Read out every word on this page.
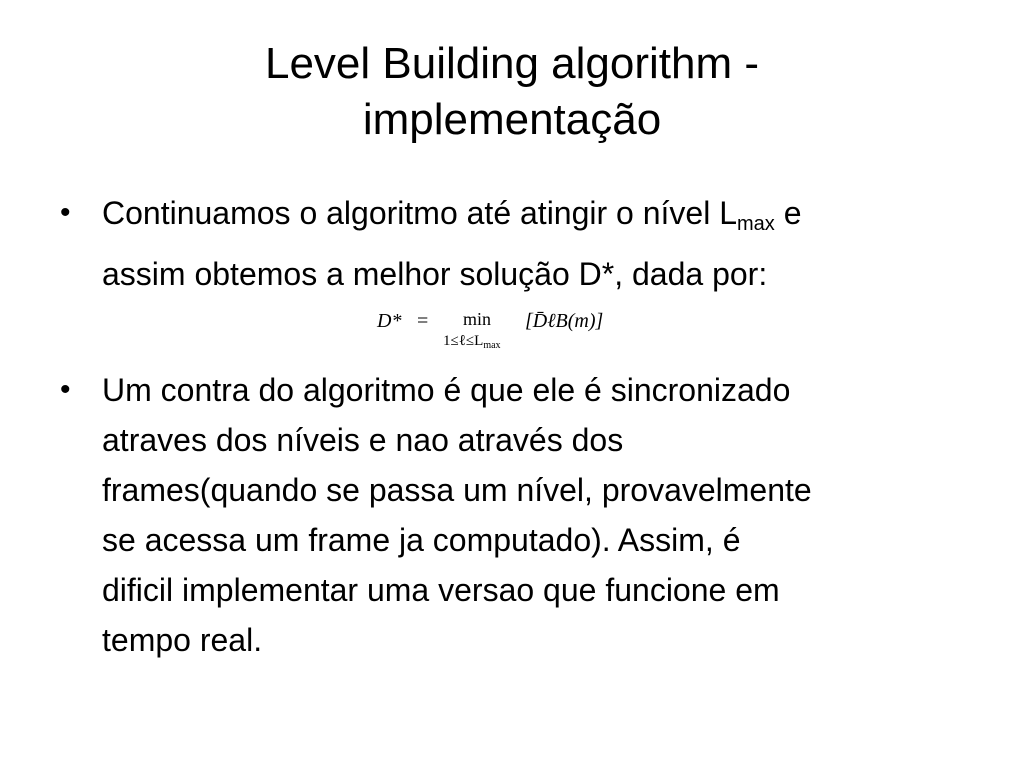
Level Building algorithm -
implementação
• Continuamos o algoritmo até atingir o nível $L_{max}$ e
assim obtemos a melhor solução D*, dada por:
D* = min
$1\le\ell\le L_{max}$
[D̄ℓB(m)]
• Um contra do algoritmo é que ele é sincronizado
atraves dos níveis e nao através dos
frames(quando se passa um nível, provavelmente
se acessa um frame ja computado). Assim, é
dificil implementar uma versao que funcione em
tempo real.
